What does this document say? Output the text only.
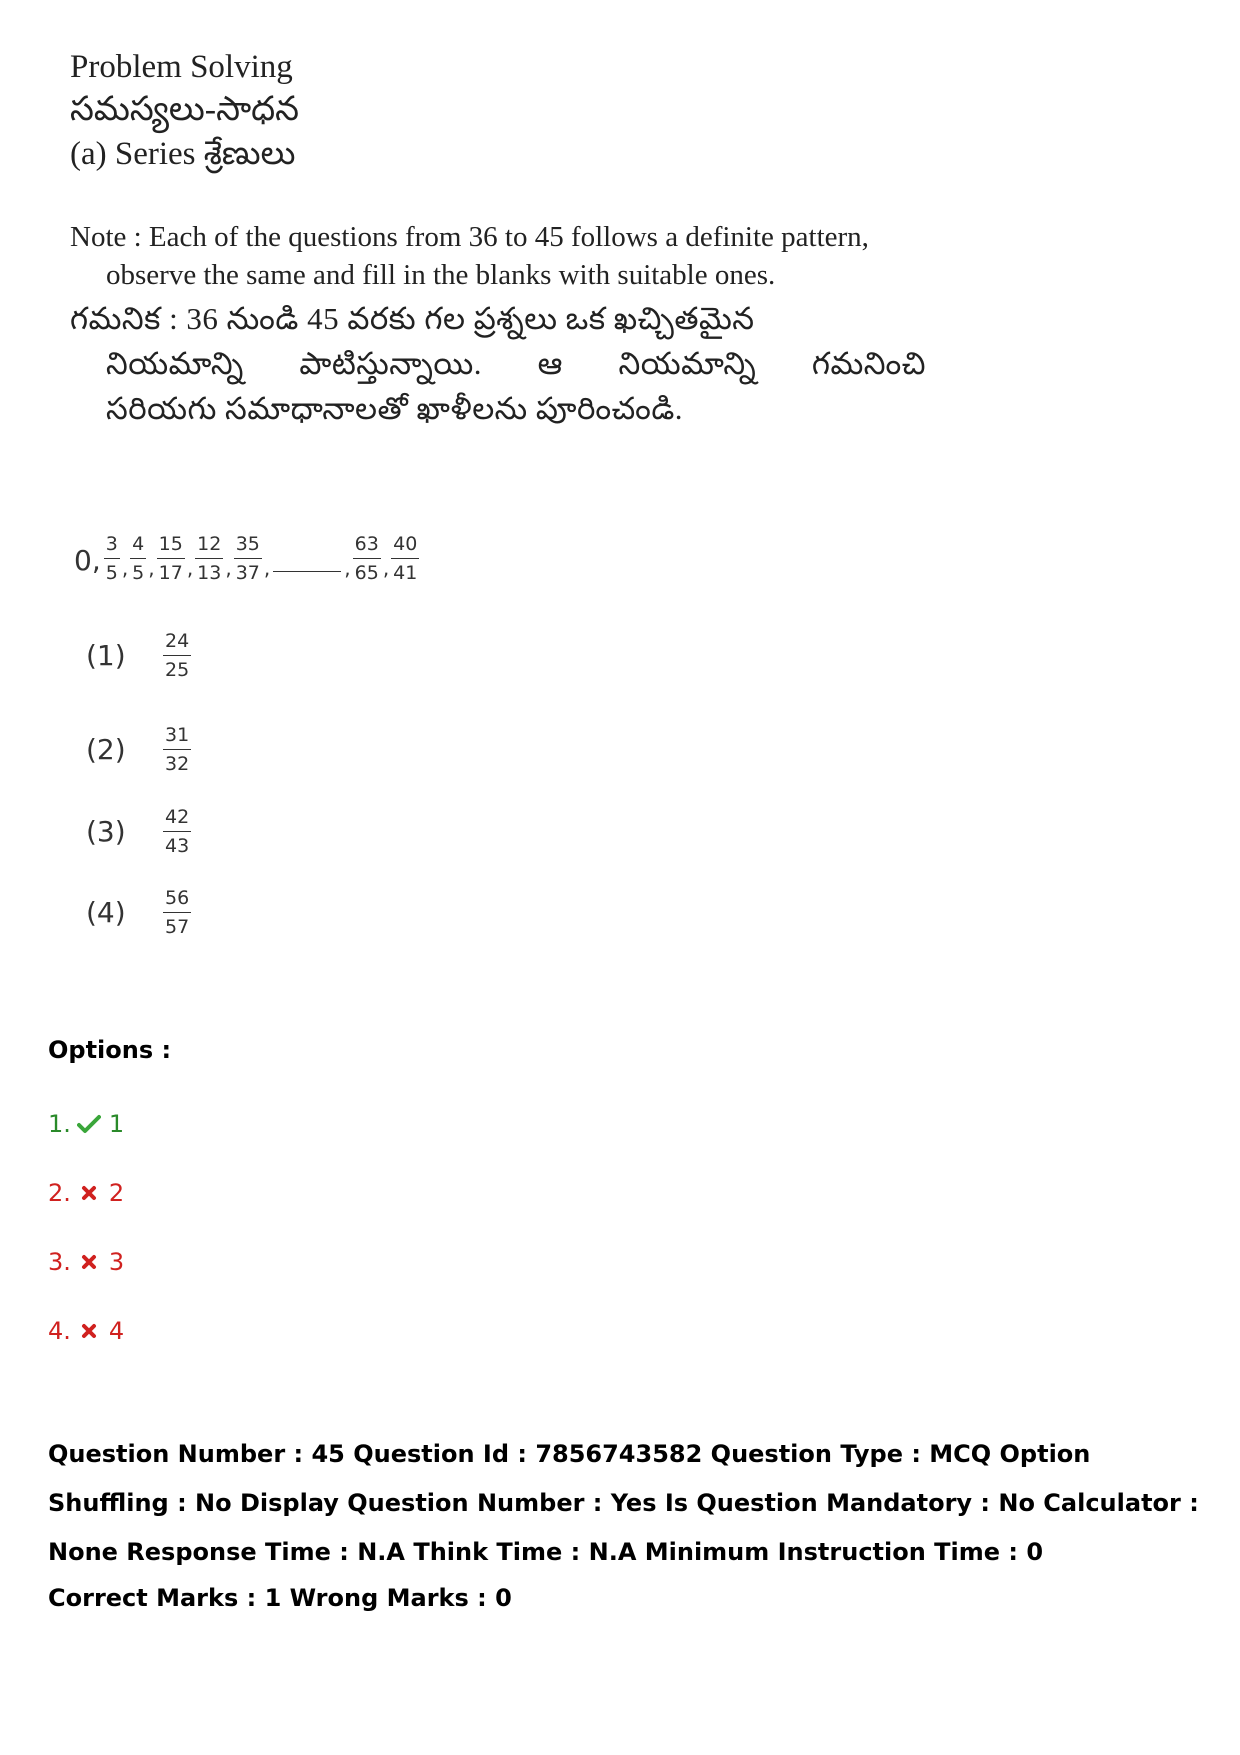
Problem Solving

సమస్యలు-సాధన

(a) Series శ్రేణులు

Note : Each of the questions from 36 to 45 follows a definite pattern,
observe the same and fill in the blanks with suitable ones.
గమనిక : 36 నుండి 45 వరకు గల ప్రశ్నలు ఒక ఖచ్చితమైన
నియమాన్ని పాటిస్తున్నాయి. ఆ నియమాన్ని గమనించి
సరియగు సమాధానాలతో ఖాళీలను పూరించండి.
0, $\frac{3}{5}$ , $\frac{4}{5}$ , $\frac{15}{17}$ , $\frac{12}{13}$ , $\frac{35}{37}$ ,	, $\frac{63}{65}$ , $\frac{40}{41}$
(1)	$\frac{24}{25}$
(2)	$\frac{31}{32}$
(3)	$\frac{42}{43}$
(4)	$\frac{56}{57}$
Options :
1. 1
2. 2
3. 3
4. 4
Question Number : 45 Question Id : 7856743582 Question Type : MCQ Option Shuffling : No Display Question Number : Yes Is Question Mandatory : No Calculator : None Response Time : N.A Think Time : N.A Minimum Instruction Time : 0
Correct Marks : 1 Wrong Marks : 0
